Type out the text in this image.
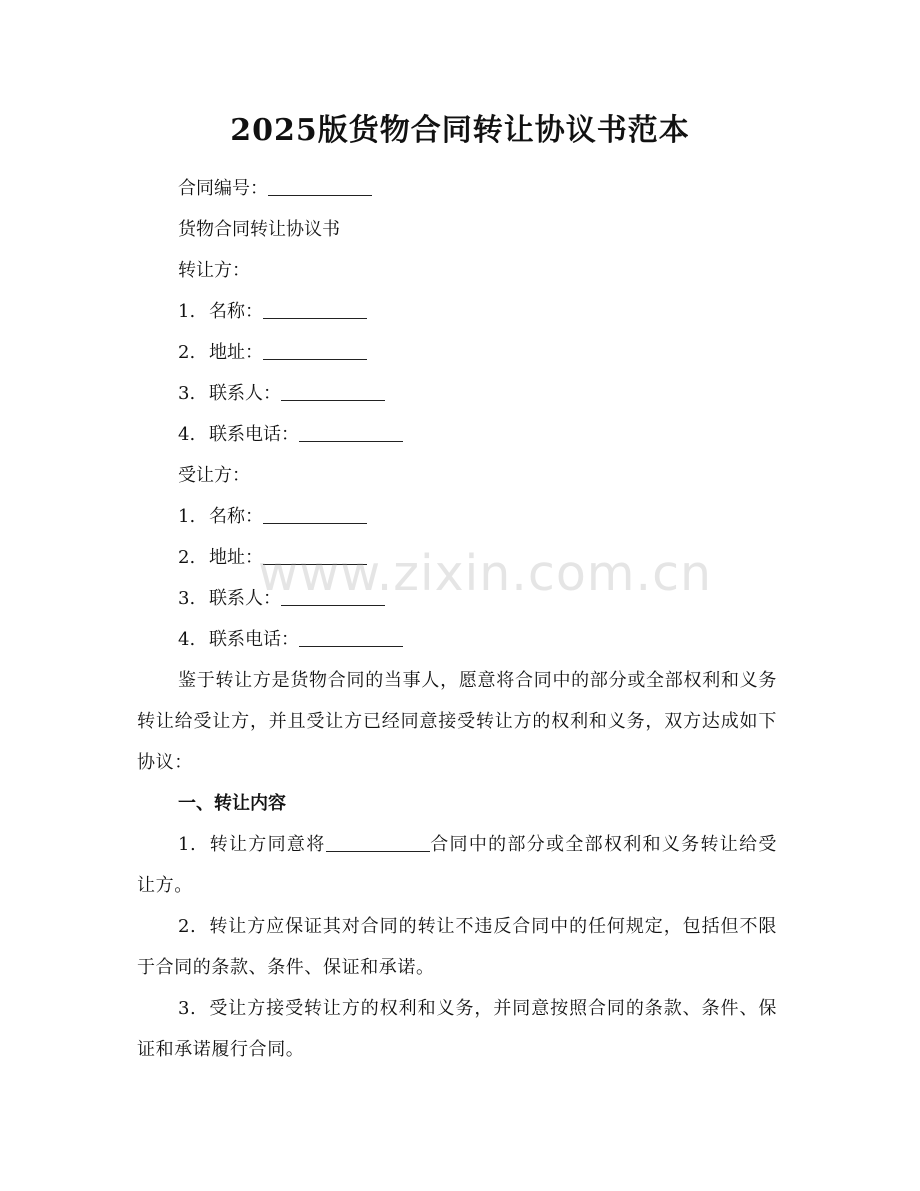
2025版货物合同转让协议书范本
合同编号：
货物合同转让协议书
转让方：
1. 名称：
2. 地址：
3. 联系人：
4. 联系电话：
受让方：
1. 名称：
2. 地址：
3. 联系人：
4. 联系电话：

鉴于转让方是货物合同的当事人，愿意将合同中的部分或全部权利和义务转让给受让方，并且受让方已经同意接受转让方的权利和义务，双方达成如下协议：

一、转让内容

1. 转让方同意将	合同中的部分或全部权利和义务转让给受让方。

2. 转让方应保证其对合同的转让不违反合同中的任何规定，包括但不限于合同的条款、条件、保证和承诺。

3. 受让方接受转让方的权利和义务，并同意按照合同的条款、条件、保证和承诺履行合同。

www.zixin.com.cn
